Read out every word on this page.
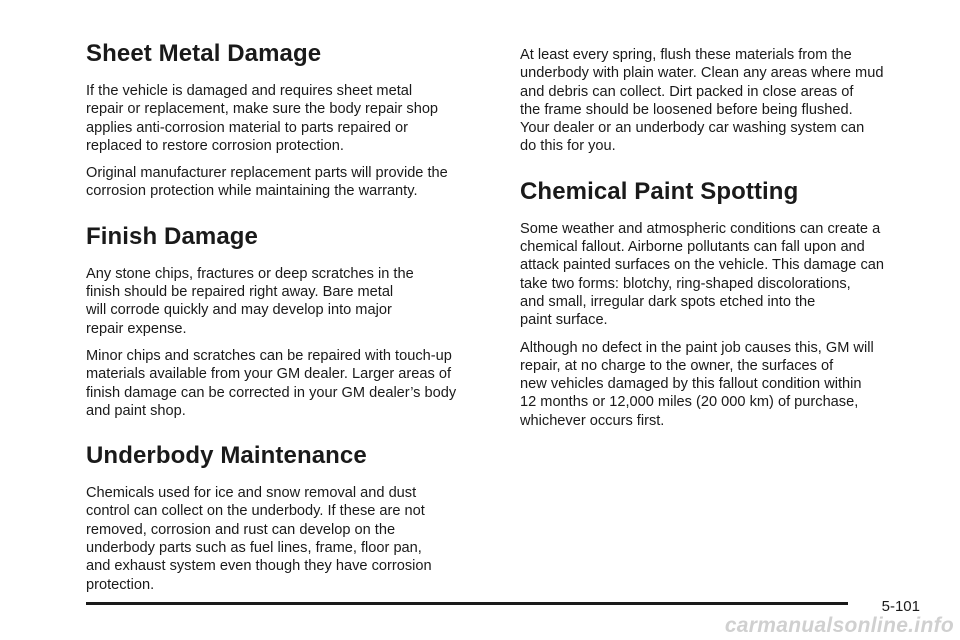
Sheet Metal Damage

If the vehicle is damaged and requires sheet metal
repair or replacement, make sure the body repair shop
applies anti-corrosion material to parts repaired or
replaced to restore corrosion protection.

Original manufacturer replacement parts will provide the
corrosion protection while maintaining the warranty.

Finish Damage

Any stone chips, fractures or deep scratches in the
finish should be repaired right away. Bare metal
will corrode quickly and may develop into major
repair expense.

Minor chips and scratches can be repaired with touch-up
materials available from your GM dealer. Larger areas of
finish damage can be corrected in your GM dealer’s body
and paint shop.

Underbody Maintenance

Chemicals used for ice and snow removal and dust
control can collect on the underbody. If these are not
removed, corrosion and rust can develop on the
underbody parts such as fuel lines, frame, floor pan,
and exhaust system even though they have corrosion
protection.

At least every spring, flush these materials from the
underbody with plain water. Clean any areas where mud
and debris can collect. Dirt packed in close areas of
the frame should be loosened before being flushed.
Your dealer or an underbody car washing system can
do this for you.

Chemical Paint Spotting

Some weather and atmospheric conditions can create a
chemical fallout. Airborne pollutants can fall upon and
attack painted surfaces on the vehicle. This damage can
take two forms: blotchy, ring-shaped discolorations,
and small, irregular dark spots etched into the
paint surface.

Although no defect in the paint job causes this, GM will
repair, at no charge to the owner, the surfaces of
new vehicles damaged by this fallout condition within
12 months or 12,000 miles (20 000 km) of purchase,
whichever occurs first.

5-101
carmanualsonline.info
